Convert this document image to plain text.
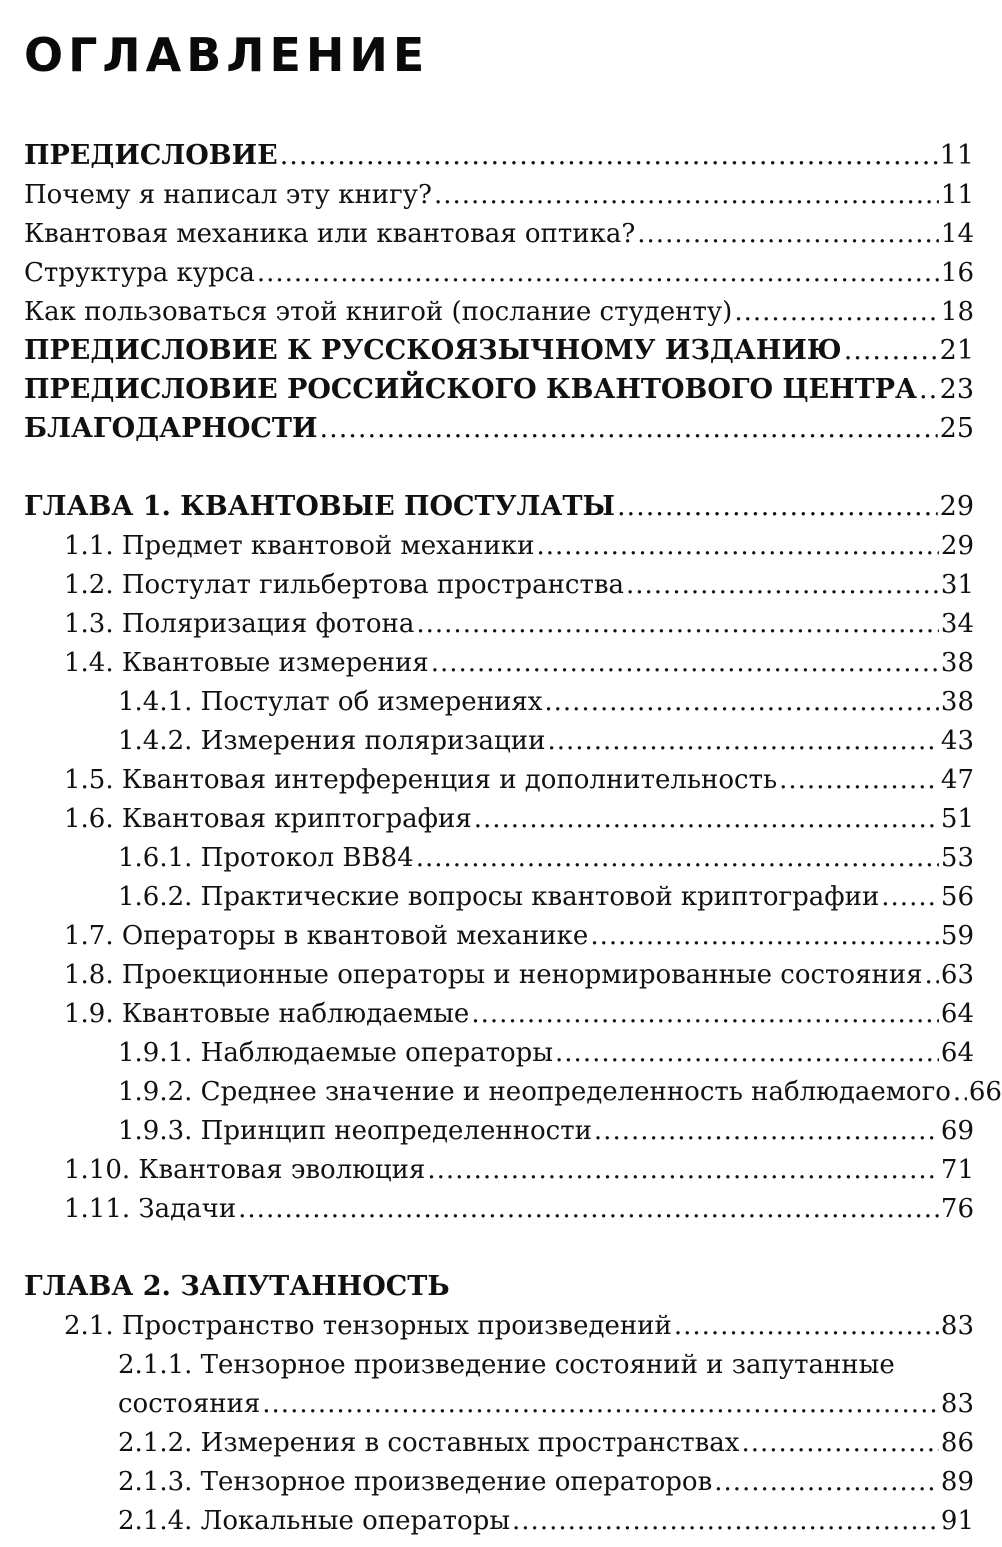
ОГЛАВЛЕНИЕ
ПРЕДИСЛОВИЕ .....	11
Почему я написал эту книгу? .....	11
Квантовая механика или квантовая оптика? .....	14
Структура курса .....	16
Как пользоваться этой книгой (послание студенту) .....	18
ПРЕДИСЛОВИЕ К РУССКОЯЗЫЧНОМУ ИЗДАНИЮ .....	21
ПРЕДИСЛОВИЕ РОССИЙСКОГО КВАНТОВОГО ЦЕНТРА ..... 23
БЛАГОДАРНОСТИ .....	25
ГЛАВА 1. КВАНТОВЫЕ ПОСТУЛАТЫ .....	29
1.1. Предмет квантовой механики .....	29
1.2. Постулат гильбертова пространства .....	31
1.3. Поляризация фотона .....	34
1.4. Квантовые измерения .....	38
1.4.1. Постулат об измерениях .....	38
1.4.2. Измерения поляризации .....	43
1.5. Квантовая интерференция и дополнительность .....	47
1.6. Квантовая криптография .....	51
1.6.1. Протокол BB84 .....	53
1.6.2. Практические вопросы квантовой криптографии ..... 56
1.7. Операторы в квантовой механике .....	59
1.8. Проекционные операторы и ненормированные состояния ..... 63
1.9. Квантовые наблюдаемые .....	64
1.9.1. Наблюдаемые операторы .....	64
1.9.2. Среднее значение и неопределенность наблюдаемого ..... 66
1.9.3. Принцип неопределенности .....	69
1.10. Квантовая эволюция .....	71
1.11. Задачи .....	76
ГЛАВА 2. ЗАПУТАННОСТЬ
2.1. Пространство тензорных произведений .....	83
2.1.1. Тензорное произведение состояний и запутанные
состояния .....	83
2.1.2. Измерения в составных пространствах .....	86
2.1.3. Тензорное произведение операторов .....	89
2.1.4. Локальные операторы .....	91
